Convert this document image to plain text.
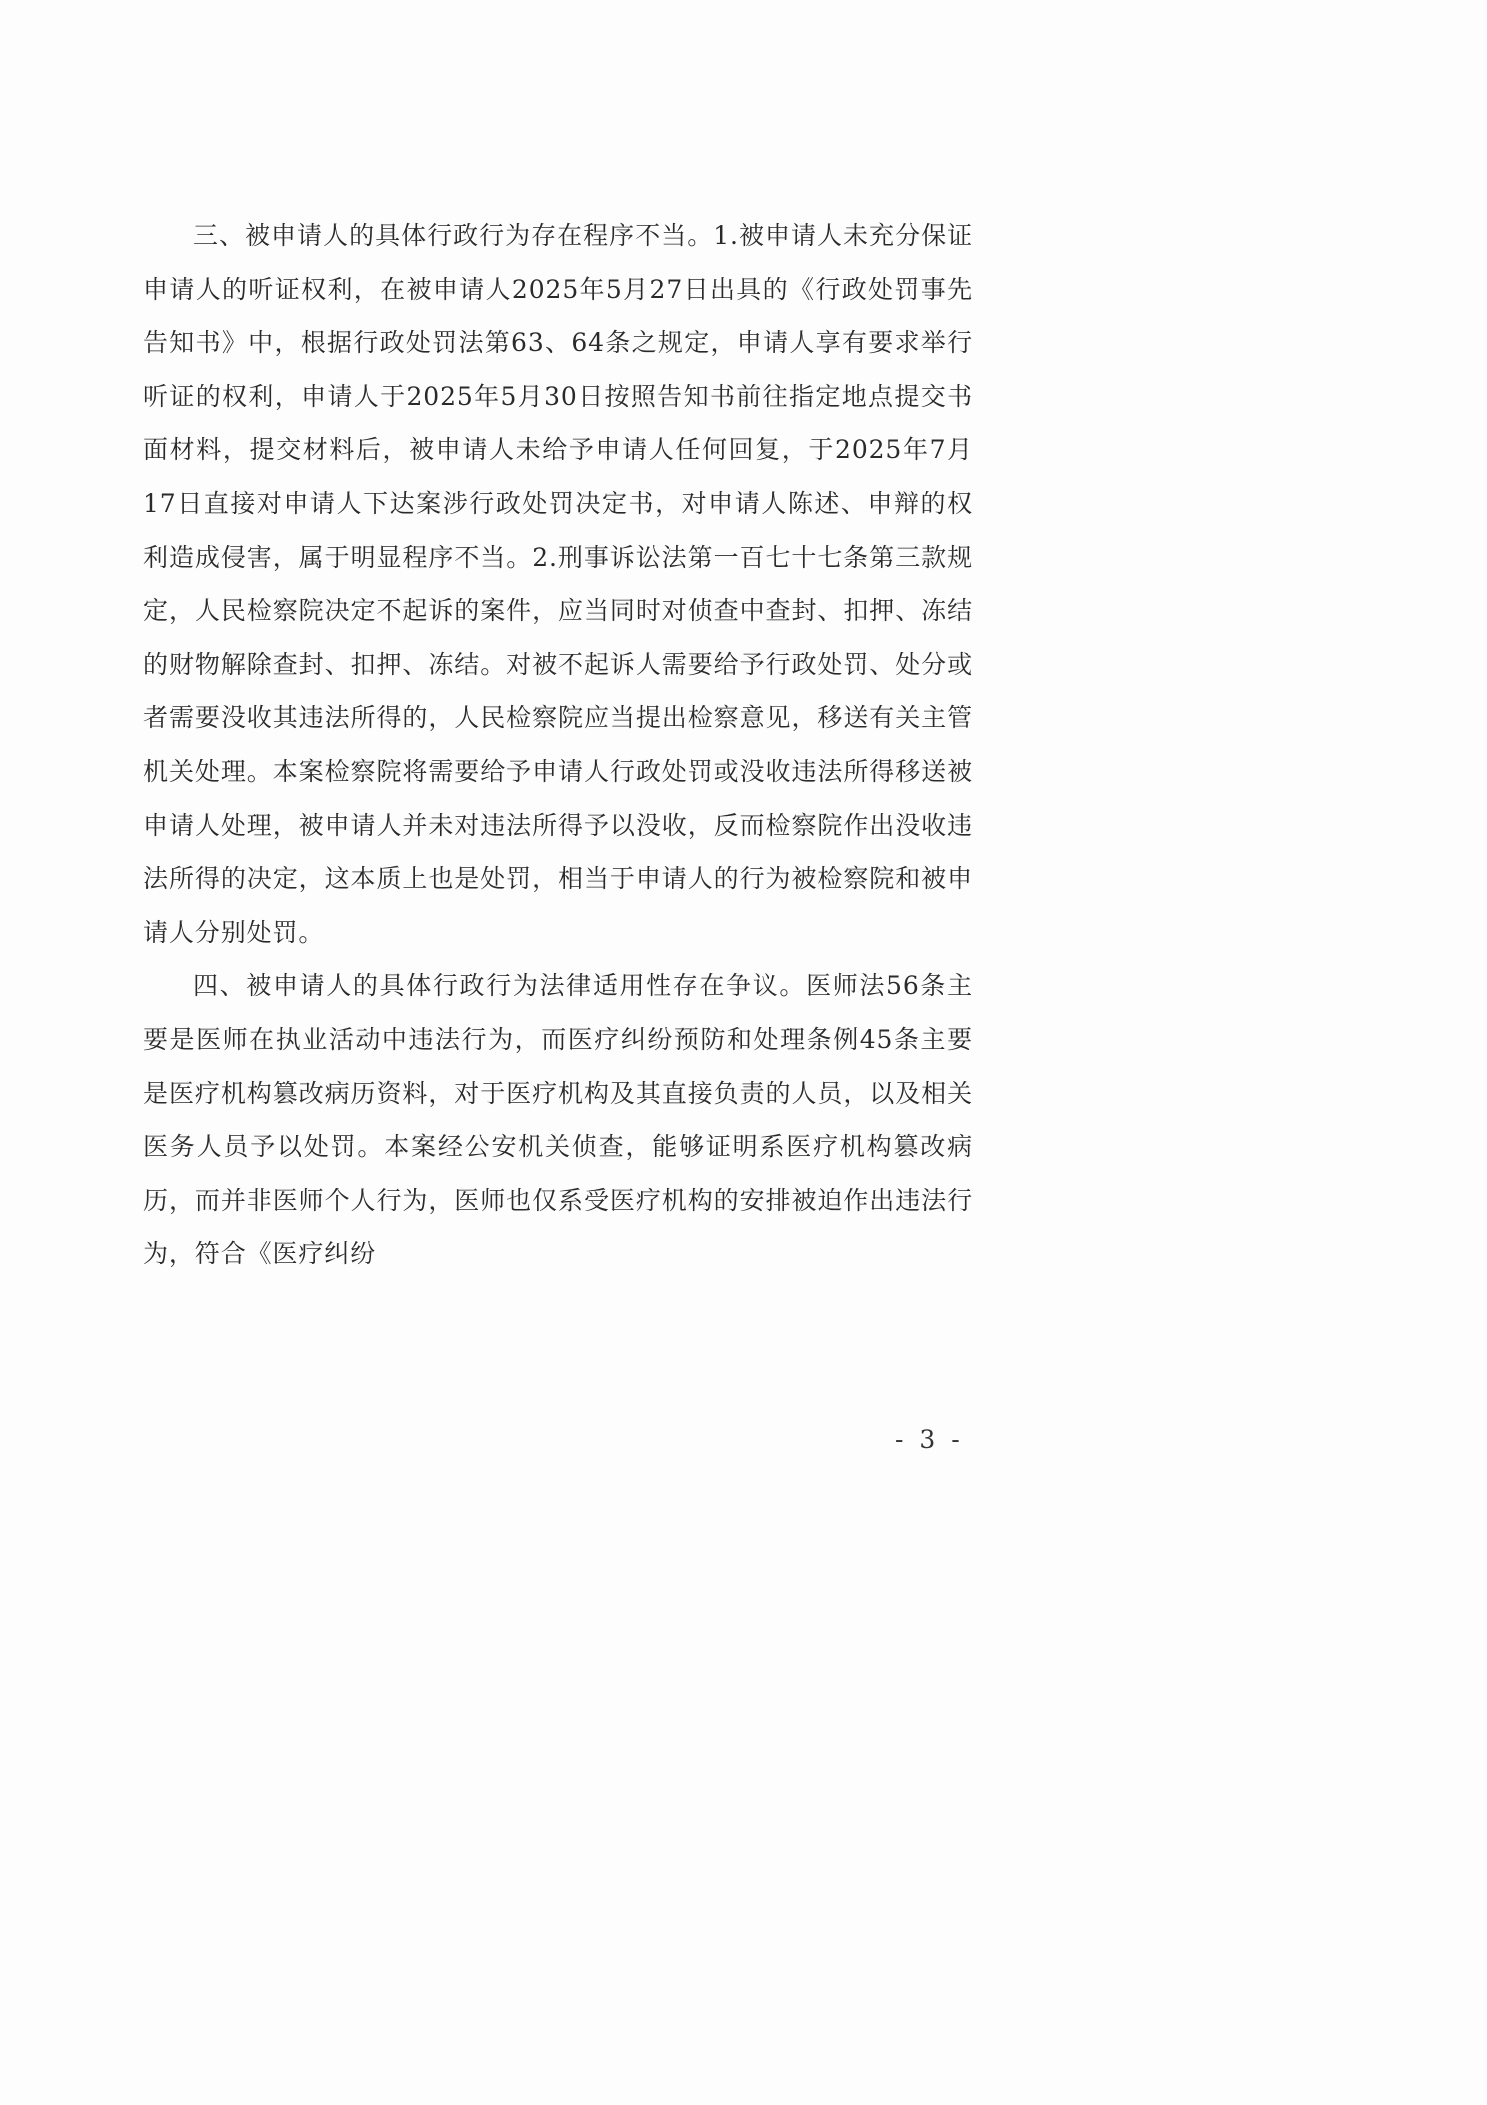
三、被申请人的具体行政行为存在程序不当。1.被申请人未充分保证申请人的听证权利，在被申请人2025年5月27日出具的《行政处罚事先告知书》中，根据行政处罚法第63、64条之规定，申请人享有要求举行听证的权利，申请人于2025年5月30日按照告知书前往指定地点提交书面材料，提交材料后，被申请人未给予申请人任何回复，于2025年7月17日直接对申请人下达案涉行政处罚决定书，对申请人陈述、申辩的权利造成侵害，属于明显程序不当。2.刑事诉讼法第一百七十七条第三款规定，人民检察院决定不起诉的案件，应当同时对侦查中查封、扣押、冻结的财物解除查封、扣押、冻结。对被不起诉人需要给予行政处罚、处分或者需要没收其违法所得的，人民检察院应当提出检察意见，移送有关主管机关处理。本案检察院将需要给予申请人行政处罚或没收违法所得移送被申请人处理，被申请人并未对违法所得予以没收，反而检察院作出没收违法所得的决定，这本质上也是处罚，相当于申请人的行为被检察院和被申请人分别处罚。

四、被申请人的具体行政行为法律适用性存在争议。医师法56条主要是医师在执业活动中违法行为，而医疗纠纷预防和处理条例45条主要是医疗机构篡改病历资料，对于医疗机构及其直接负责的人员，以及相关医务人员予以处罚。本案经公安机关侦查，能够证明系医疗机构篡改病历，而并非医师个人行为，医师也仅系受医疗机构的安排被迫作出违法行为，符合《医疗纠纷

- 3 -
